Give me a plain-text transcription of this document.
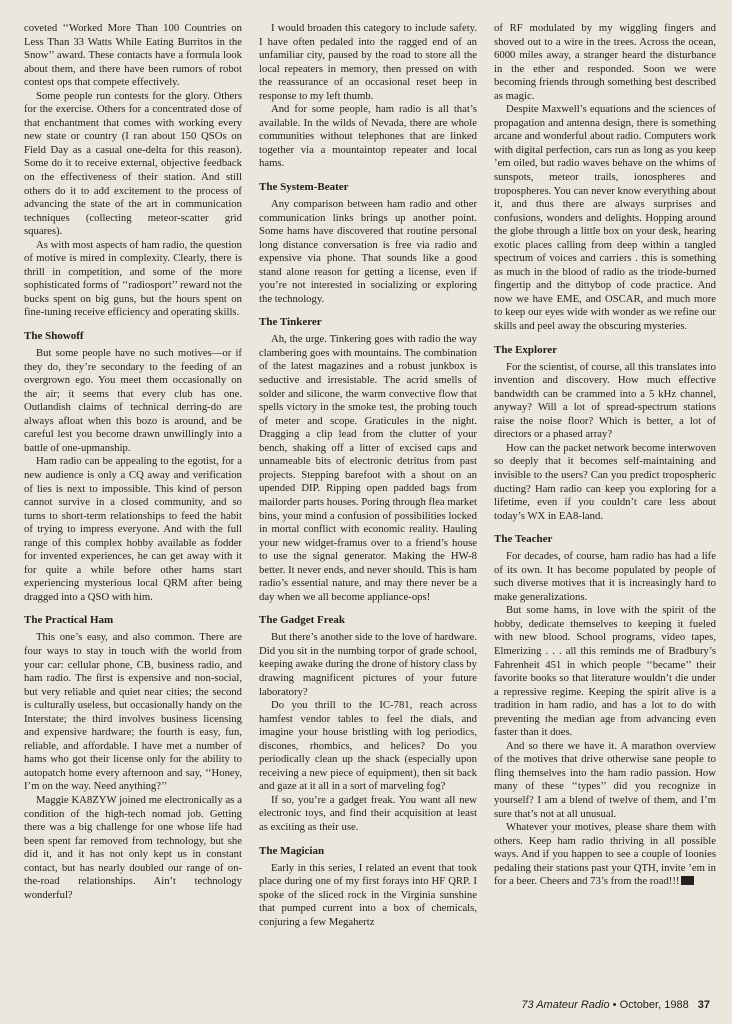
coveted ‘‘Worked More Than 100 Countries on Less Than 33 Watts While Eating Burritos in the Snow’’ award. These contacts have a formula look about them, and there have been rumors of robot contest ops that compete effectively.

Some people run contests for the glory. Others for the exercise. Others for a concentrated dose of that enchantment that comes with working every new state or country (I ran about 150 QSOs on Field Day as a casual one-delta for this reason). Some do it to receive external, objective feedback on the effectiveness of their station. And still others do it to add excitement to the process of advancing the state of the art in communication techniques (collecting meteor-scatter grid squares).

As with most aspects of ham radio, the question of motive is mired in complexity. Clearly, there is thrill in competition, and some of the more sophisticated forms of ‘‘radiosport’’ reward not the bucks spent on big guns, but the hours spent on fine-tuning receive efficiency and operating skills.

The Showoff

But some people have no such motives—or if they do, they’re secondary to the feeding of an overgrown ego. You meet them occasionally on the air; it seems that every club has one. Outlandish claims of technical derring-do are always afloat when this bozo is around, and be careful lest you become drawn unwillingly into a battle of one-upmanship.

Ham radio can be appealing to the egotist, for a new audience is only a CQ away and verification of lies is next to impossible. This kind of person cannot survive in a closed community, and so turns to short-term relationships to feed the habit of trying to impress everyone. And with the full range of this complex hobby available as fodder for invented experiences, he can get away with it for quite a while before other hams start experiencing mysterious local QRM after being dragged into a QSO with him.

The Practical Ham

This one’s easy, and also common. There are four ways to stay in touch with the world from your car: cellular phone, CB, business radio, and ham radio. The first is expensive and non-social, but very reliable and quiet near cities; the second is culturally useless, but occasionally handy on the Interstate; the third involves business licensing and expensive hardware; the fourth is easy, fun, reliable, and affordable. I have met a number of hams who got their license only for the ability to autopatch home every afternoon and say, ‘‘Honey, I’m on the way. Need anything?’’

Maggie KA8ZYW joined me electronically as a condition of the high-tech nomad job. Getting there was a big challenge for one whose life had been spent far removed from technology, but she did it, and it has not only kept us in constant contact, but has nearly doubled our range of on-the-road relationships. Ain’t technology wonderful?

I would broaden this category to include safety. I have often pedaled into the ragged end of an unfamiliar city, paused by the road to store all the local repeaters in memory, then pressed on with the reassurance of an occasional reset beep in response to my left thumb.

And for some people, ham radio is all that’s available. In the wilds of Nevada, there are whole communities without telephones that are linked together via a mountaintop repeater and local hams.

The System-Beater

Any comparison between ham radio and other communication links brings up another point. Some hams have discovered that routine personal long distance conversation is free via radio and expensive via phone. That sounds like a good stand alone reason for getting a license, even if you’re not interested in socializing or exploring the technology.

The Tinkerer

Ah, the urge. Tinkering goes with radio the way clambering goes with mountains. The combination of the latest magazines and a robust junkbox is seductive and irresistable. The acrid smells of solder and silicone, the warm convective flow that spells victory in the smoke test, the probing touch of meter and scope. Graticules in the night. Dragging a clip lead from the clutter of your bench, shaking off a litter of excised caps and unnameable bits of electronic detritus from past projects. Stepping barefoot with a shout on an upended DIP. Ripping open padded bags from mailorder parts houses. Poring through flea market bins, your mind a confusion of possibilities locked in mortal conflict with economic reality. Hauling your new widget-framus over to a friend’s house to use the signal generator. Making the HW-8 better. It never ends, and never should. This is ham radio’s essential nature, and may there never be a day when we all become appliance-ops!

The Gadget Freak

But there’s another side to the love of hardware. Did you sit in the numbing torpor of grade school, keeping awake during the drone of history class by drawing magnificent pictures of your future laboratory?

Do you thrill to the IC-781, reach across hamfest vendor tables to feel the dials, and imagine your house bristling with log periodics, discones, rhombics, and helices? Do you periodically clean up the shack (especially upon receiving a new piece of equipment), then sit back and gaze at it all in a sort of marveling fog?

If so, you’re a gadget freak. You want all new electronic toys, and find their acquisition at least as exciting as their use.

The Magician

Early in this series, I related an event that took place during one of my first forays into HF QRP. I spoke of the sliced rock in the Virginia sunshine that pumped current into a box of chemicals, conjuring a few Megahertz

of RF modulated by my wiggling fingers and shoved out to a wire in the trees. Across the ocean, 6000 miles away, a stranger heard the disturbance in the ether and responded. Soon we were becoming friends through something best described as magic.

Despite Maxwell’s equations and the sciences of propagation and antenna design, there is something arcane and wonderful about radio. Computers work with digital perfection, cars run as long as you keep ’em oiled, but radio waves behave on the whims of sunspots, meteor trails, ionospheres and tropospheres. You can never know everything about it, and thus there are always surprises and confusions, wonders and delights. Hopping around the globe through a little box on your desk, hearing exotic places calling from deep within a tangled spectrum of voices and carriers . this is something as much in the blood of radio as the triode-burned fingertip and the dittybop of code practice. And now we have EME, and OSCAR, and much more to keep our eyes wide with wonder as we refine our skills and peel away the obscuring mysteries.

The Explorer

For the scientist, of course, all this translates into invention and discovery. How much effective bandwidth can be crammed into a 5 kHz channel, anyway? Will a lot of spread-spectrum stations raise the noise floor? Which is better, a lot of directors or a phased array?

How can the packet network become interwoven so deeply that it becomes self-maintaining and invisible to the users? Can you predict tropospheric ducting? Ham radio can keep you exploring for a lifetime, even if you couldn’t care less about today’s WX in EA8-land.

The Teacher

For decades, of course, ham radio has had a life of its own. It has become populated by people of such diverse motives that it is increasingly hard to make generalizations.

But some hams, in love with the spirit of the hobby, dedicate themselves to keeping it fueled with new blood. School programs, video tapes, Elmerizing . . . all this reminds me of Bradbury’s Fahrenheit 451 in which people ‘‘became’’ their favorite books so that literature wouldn’t die under a repressive regime. Keeping the spirit alive is a tradition in ham radio, and has a lot to do with preventing the median age from advancing even faster than it does.

And so there we have it. A marathon overview of the motives that drive otherwise sane people to fling themselves into the ham radio passion. How many of these ‘‘types’’ did you recognize in yourself? I am a blend of twelve of them, and I’m sure that’s not at all unusual.

Whatever your motives, please share them with others. Keep ham radio thriving in all possible ways. And if you happen to see a couple of loonies pedaling their stations past your QTH, invite ’em in for a beer. Cheers and 73’s from the road!!!

73 Amateur Radio • October, 1988 37
